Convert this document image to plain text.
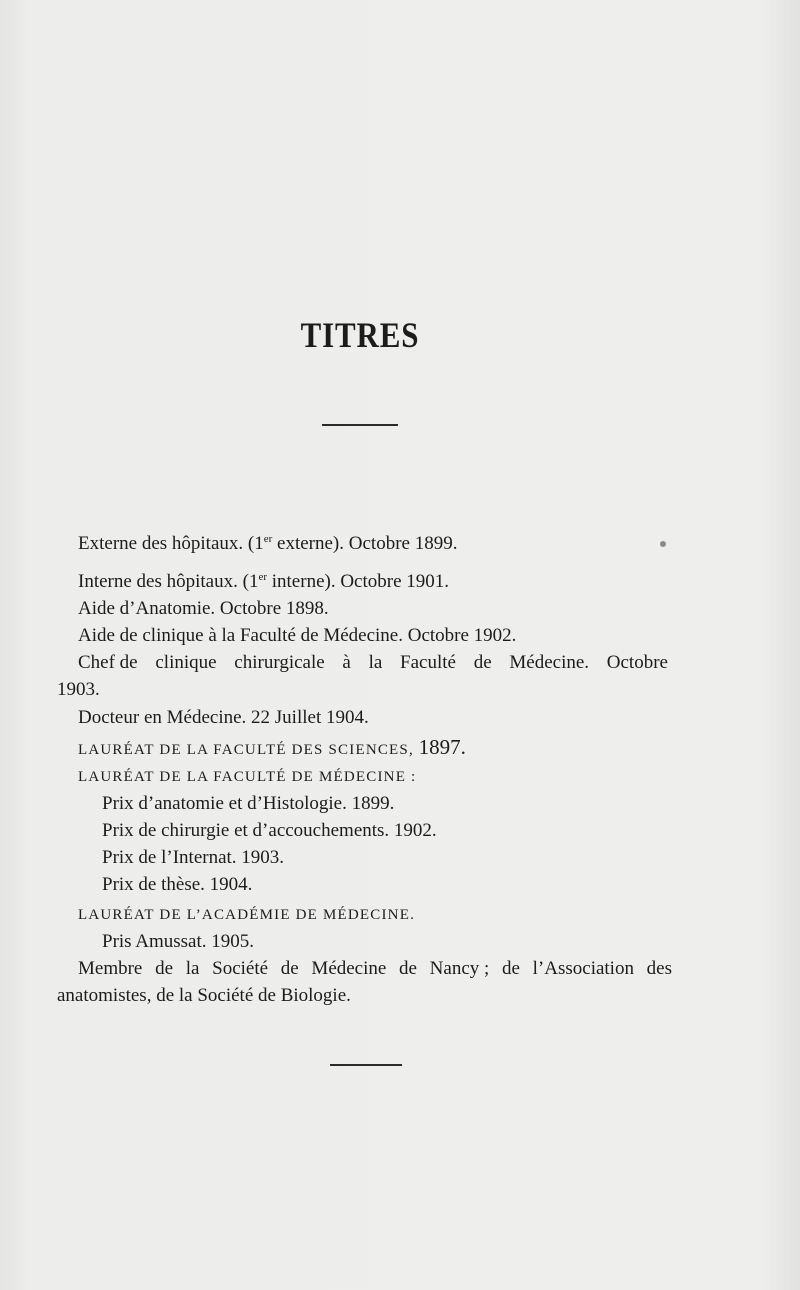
TITRES
Externe des hôpitaux. (1er externe). Octobre 1899.
Interne des hôpitaux. (1er interne). Octobre 1901.
Aide d’Anatomie. Octobre 1898.
Aide de clinique à la Faculté de Médecine. Octobre 1902.
Chef de clinique chirurgicale à la Faculté de Médecine. Octobre
1903.
Docteur en Médecine. 22 Juillet 1904.
LAURÉAT DE LA FACULTÉ DES SCIENCES, 1897.
LAURÉAT DE LA FACULTÉ DE MÉDECINE :
Prix d’anatomie et d’Histologie. 1899.
Prix de chirurgie et d’accouchements. 1902.
Prix de l’Internat. 1903.
Prix de thèse. 1904.
LAURÉAT DE L’ACADÉMIE DE MÉDECINE.
Pris Amussat. 1905.
Membre de la Société de Médecine de Nancy ; de l’Association des
anatomistes, de la Société de Biologie.
